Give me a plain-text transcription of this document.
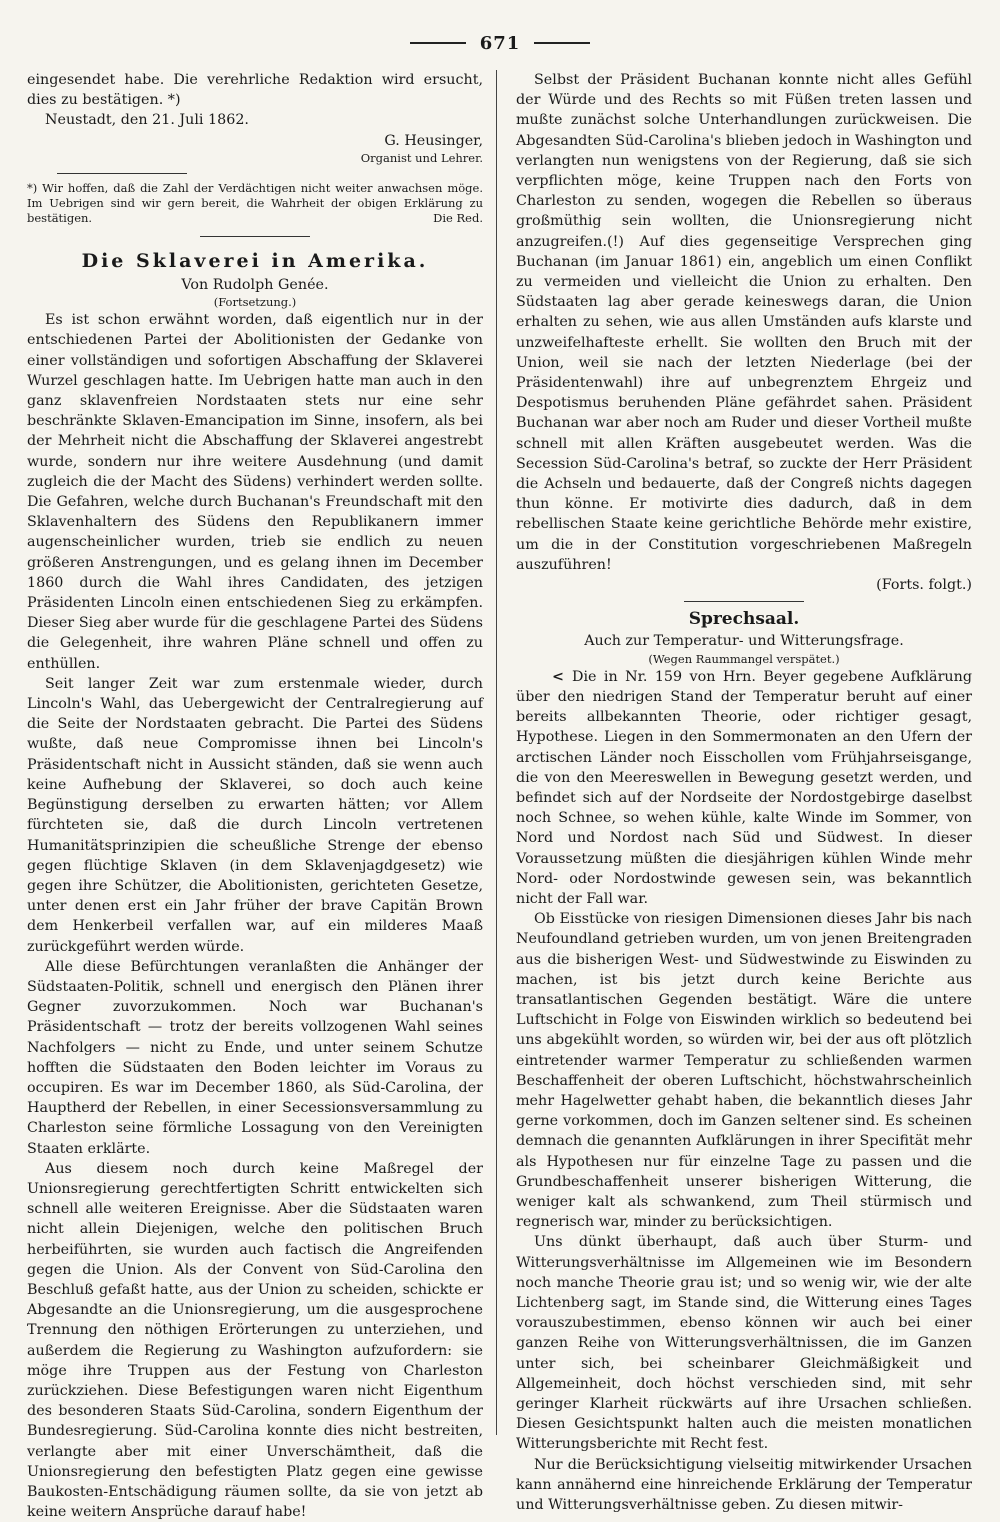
671

eingesendet habe. Die verehrliche Redaktion wird ersucht, dies zu bestätigen. *)

Neustadt, den 21. Juli 1862.

G. Heusinger,

Organist und Lehrer.

*) Wir hoffen, daß die Zahl der Verdächtigen nicht weiter anwachsen möge. Im Uebrigen sind wir gern bereit, die Wahrheit der obigen Erklärung zu bestätigen.	Die Red.

Die Sklaverei in Amerika.

Von Rudolph Genée.

(Fortsetzung.)

Es ist schon erwähnt worden, daß eigentlich nur in der entschiedenen Partei der Abolitionisten der Gedanke von einer vollständigen und sofortigen Abschaffung der Sklaverei Wurzel geschlagen hatte. Im Uebrigen hatte man auch in den ganz sklavenfreien Nordstaaten stets nur eine sehr beschränkte Sklaven-Emancipation im Sinne, insofern, als bei der Mehrheit nicht die Abschaffung der Sklaverei angestrebt wurde, sondern nur ihre weitere Ausdehnung (und damit zugleich die der Macht des Südens) verhindert werden sollte. Die Gefahren, welche durch Buchanan's Freundschaft mit den Sklavenhaltern des Südens den Republikanern immer augenscheinlicher wurden, trieb sie endlich zu neuen größeren Anstrengungen, und es gelang ihnen im December 1860 durch die Wahl ihres Candidaten, des jetzigen Präsidenten Lincoln einen entschiedenen Sieg zu erkämpfen. Dieser Sieg aber wurde für die geschlagene Partei des Südens die Gelegenheit, ihre wahren Pläne schnell und offen zu enthüllen.

Seit langer Zeit war zum erstenmale wieder, durch Lincoln's Wahl, das Uebergewicht der Centralregierung auf die Seite der Nordstaaten gebracht. Die Partei des Südens wußte, daß neue Compromisse ihnen bei Lincoln's Präsidentschaft nicht in Aussicht ständen, daß sie wenn auch keine Aufhebung der Sklaverei, so doch auch keine Begünstigung derselben zu erwarten hätten; vor Allem fürchteten sie, daß die durch Lincoln vertretenen Humanitätsprinzipien die scheußliche Strenge der ebenso gegen flüchtige Sklaven (in dem Sklavenjagdgesetz) wie gegen ihre Schützer, die Abolitionisten, gerichteten Gesetze, unter denen erst ein Jahr früher der brave Capitän Brown dem Henkerbeil verfallen war, auf ein milderes Maaß zurückgeführt werden würde.

Alle diese Befürchtungen veranlaßten die Anhänger der Südstaaten-Politik, schnell und energisch den Plänen ihrer Gegner zuvorzukommen. Noch war Buchanan's Präsidentschaft — trotz der bereits vollzogenen Wahl seines Nachfolgers — nicht zu Ende, und unter seinem Schutze hofften die Südstaaten den Boden leichter im Voraus zu occupiren. Es war im December 1860, als Süd-Carolina, der Hauptherd der Rebellen, in einer Secessionsversammlung zu Charleston seine förmliche Lossagung von den Vereinigten Staaten erklärte.

Aus diesem noch durch keine Maßregel der Unionsregierung gerechtfertigten Schritt entwickelten sich schnell alle weiteren Ereignisse. Aber die Südstaaten waren nicht allein Diejenigen, welche den politischen Bruch herbeiführten, sie wurden auch factisch die Angreifenden gegen die Union. Als der Convent von Süd-Carolina den Beschluß gefaßt hatte, aus der Union zu scheiden, schickte er Abgesandte an die Unionsregierung, um die ausgesprochene Trennung den nöthigen Erörterungen zu unterziehen, und außerdem die Regierung zu Washington aufzufordern: sie möge ihre Truppen aus der Festung von Charleston zurückziehen. Diese Befestigungen waren nicht Eigenthum des besonderen Staats Süd-Carolina, sondern Eigenthum der Bundesregierung. Süd-Carolina konnte dies nicht bestreiten, verlangte aber mit einer Unverschämtheit, daß die Unionsregierung den befestigten Platz gegen eine gewisse Baukosten-Entschädigung räumen sollte, da sie von jetzt ab keine weitern Ansprüche darauf habe!

Selbst der Präsident Buchanan konnte nicht alles Gefühl der Würde und des Rechts so mit Füßen treten lassen und mußte zunächst solche Unterhandlungen zurückweisen. Die Abgesandten Süd-Carolina's blieben jedoch in Washington und verlangten nun wenigstens von der Regierung, daß sie sich verpflichten möge, keine Truppen nach den Forts von Charleston zu senden, wogegen die Rebellen so überaus großmüthig sein wollten, die Unionsregierung nicht anzugreifen.(!) Auf dies gegenseitige Versprechen ging Buchanan (im Januar 1861) ein, angeblich um einen Conflikt zu vermeiden und vielleicht die Union zu erhalten. Den Südstaaten lag aber gerade keineswegs daran, die Union erhalten zu sehen, wie aus allen Umständen aufs klarste und unzweifelhafteste erhellt. Sie wollten den Bruch mit der Union, weil sie nach der letzten Niederlage (bei der Präsidentenwahl) ihre auf unbegrenztem Ehrgeiz und Despotismus beruhenden Pläne gefährdet sahen. Präsident Buchanan war aber noch am Ruder und dieser Vortheil mußte schnell mit allen Kräften ausgebeutet werden. Was die Secession Süd-Carolina's betraf, so zuckte der Herr Präsident die Achseln und bedauerte, daß der Congreß nichts dagegen thun könne. Er motivirte dies dadurch, daß in dem rebellischen Staate keine gerichtliche Behörde mehr existire, um die in der Constitution vorgeschriebenen Maßregeln auszuführen!

(Forts. folgt.)

Sprechsaal.

Auch zur Temperatur- und Witterungsfrage.

(Wegen Raummangel verspätet.)

< Die in Nr. 159 von Hrn. Beyer gegebene Aufklärung über den niedrigen Stand der Temperatur beruht auf einer bereits allbekannten Theorie, oder richtiger gesagt, Hypothese. Liegen in den Sommermonaten an den Ufern der arctischen Länder noch Eisschollen vom Frühjahrseisgange, die von den Meereswellen in Bewegung gesetzt werden, und befindet sich auf der Nordseite der Nordostgebirge daselbst noch Schnee, so wehen kühle, kalte Winde im Sommer, von Nord und Nordost nach Süd und Südwest. In dieser Voraussetzung müßten die diesjährigen kühlen Winde mehr Nord- oder Nordostwinde gewesen sein, was bekanntlich nicht der Fall war.

Ob Eisstücke von riesigen Dimensionen dieses Jahr bis nach Neufoundland getrieben wurden, um von jenen Breitengraden aus die bisherigen West- und Südwestwinde zu Eiswinden zu machen, ist bis jetzt durch keine Berichte aus transatlantischen Gegenden bestätigt. Wäre die untere Luftschicht in Folge von Eiswinden wirklich so bedeutend bei uns abgekühlt worden, so würden wir, bei der aus oft plötzlich eintretender warmer Temperatur zu schließenden warmen Beschaffenheit der oberen Luftschicht, höchstwahrscheinlich mehr Hagelwetter gehabt haben, die bekanntlich dieses Jahr gerne vorkommen, doch im Ganzen seltener sind. Es scheinen demnach die genannten Aufklärungen in ihrer Specifität mehr als Hypothesen nur für einzelne Tage zu passen und die Grundbeschaffenheit unserer bisherigen Witterung, die weniger kalt als schwankend, zum Theil stürmisch und regnerisch war, minder zu berücksichtigen.

Uns dünkt überhaupt, daß auch über Sturm- und Witterungsverhältnisse im Allgemeinen wie im Besondern noch manche Theorie grau ist; und so wenig wir, wie der alte Lichtenberg sagt, im Stande sind, die Witterung eines Tages vorauszubestimmen, ebenso können wir auch bei einer ganzen Reihe von Witterungsverhältnissen, die im Ganzen unter sich, bei scheinbarer Gleichmäßigkeit und Allgemeinheit, doch höchst verschieden sind, mit sehr geringer Klarheit rückwärts auf ihre Ursachen schließen. Diesen Gesichtspunkt halten auch die meisten monatlichen Witterungsberichte mit Recht fest.

Nur die Berücksichtigung vielseitig mitwirkender Ursachen kann annähernd eine hinreichende Erklärung der Temperatur und Witterungsverhältnisse geben. Zu diesen mitwir-
